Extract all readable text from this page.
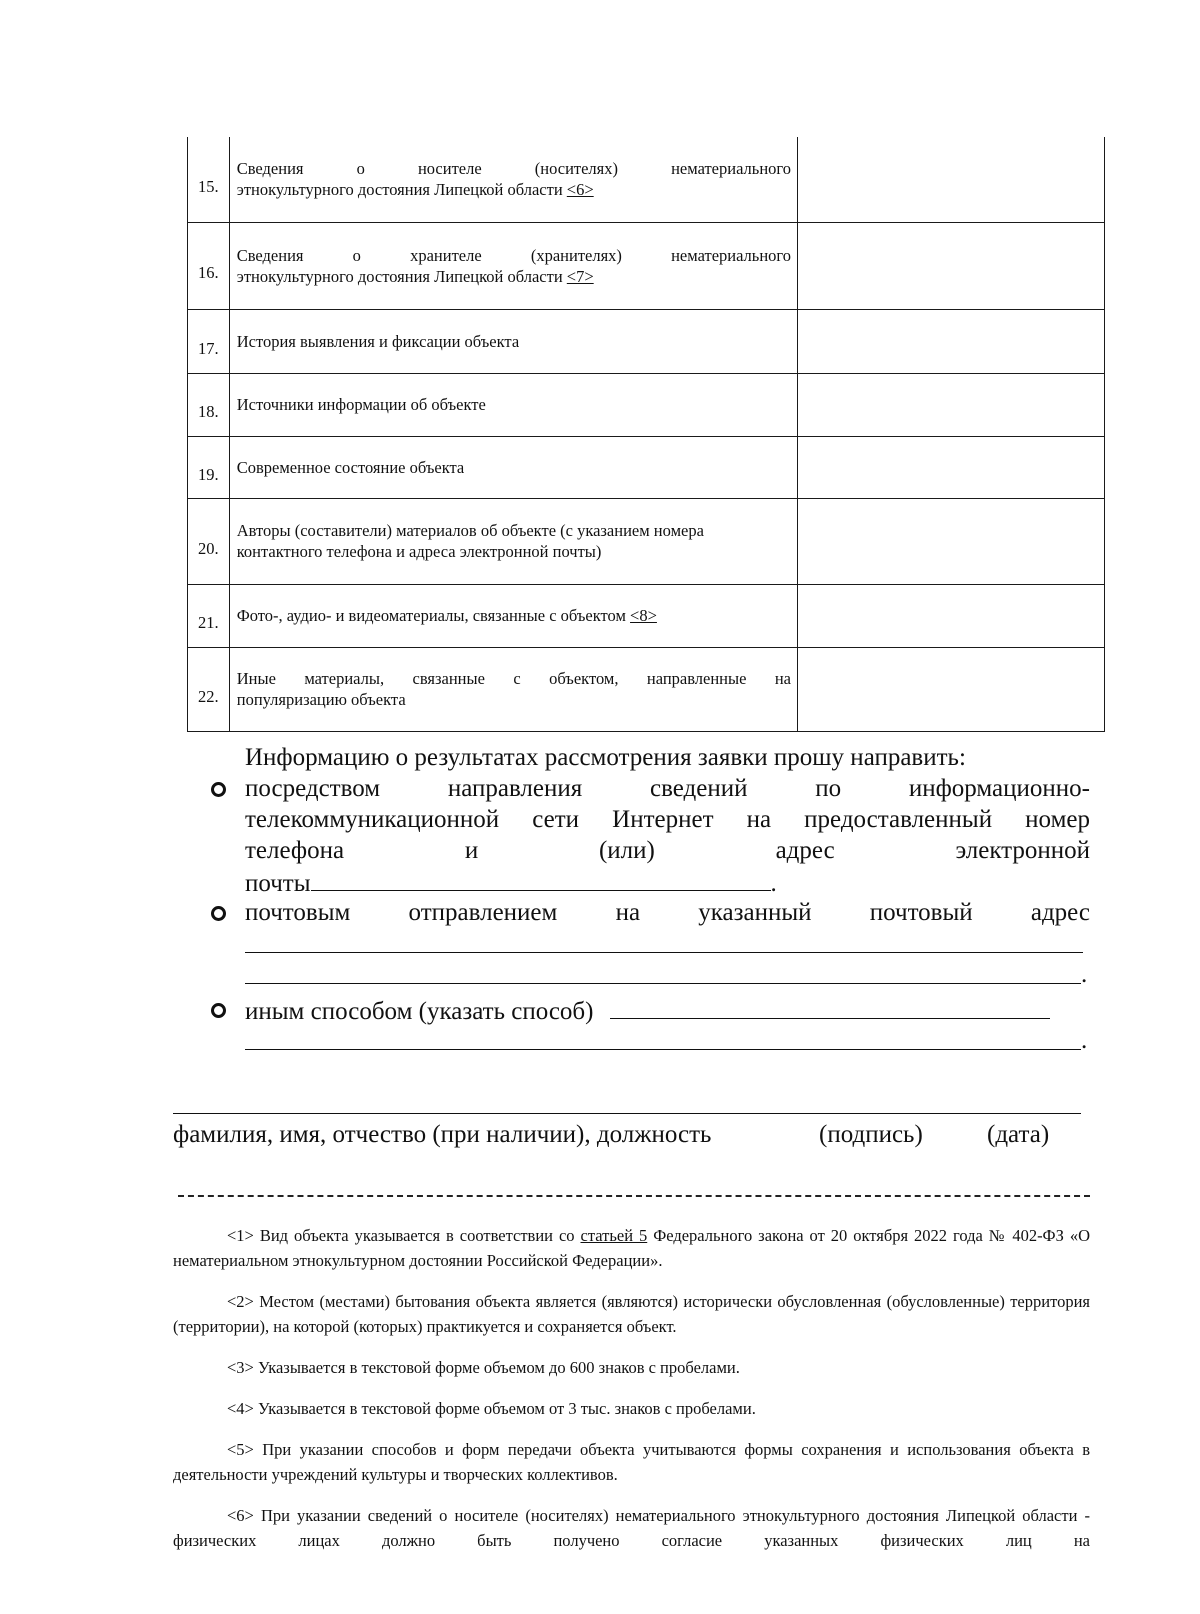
15.	Сведения о носителе (носителях) нематериального
этнокультурного достояния Липецкой области <6>	

16.	Сведения о хранителе (хранителях) нематериального
этнокультурного достояния Липецкой области <7>	

17.	История выявления и фиксации объекта	

18.	Источники информации об объекте	

19.	Современное состояние объекта	

20.	Авторы (составители) материалов об объекте (с указанием номера
контактного телефона и адреса электронной почты)	

21.	Фото-, аудио- и видеоматериалы, связанные с объектом <8>	

22.	Иные материалы, связанные с объектом, направленные на
популяризацию объекта	

Информацию о результатах рассмотрения заявки прошу направить:
посредством направления сведений по информационно-
телекоммуникационной сети Интернет на предоставленный номер
телефона и (или) адрес электронной
почты	.
почтовым отправлением на указанный почтовый адрес
.
иным способом (указать способ)
.
фамилия, имя, отчество (при наличии), должность	(подпись)	(дата)

<1> Вид объекта указывается в соответствии со статьей 5 Федерального закона от 20 октября 2022 года № 402-ФЗ «О нематериальном этнокультурном достоянии Российской Федерации».

<2> Местом (местами) бытования объекта является (являются) исторически обусловленная (обусловленные) территория (территории), на которой (которых) практикуется и сохраняется объект.

<3> Указывается в текстовой форме объемом до 600 знаков с пробелами.

<4> Указывается в текстовой форме объемом от 3 тыс. знаков с пробелами.

<5> При указании способов и форм передачи объекта учитываются формы сохранения и использования объекта в деятельности учреждений культуры и творческих коллективов.

<6> При указании сведений о носителе (носителях) нематериального этнокультурного достояния Липецкой области - физических лицах должно быть получено согласие указанных физических лиц на
